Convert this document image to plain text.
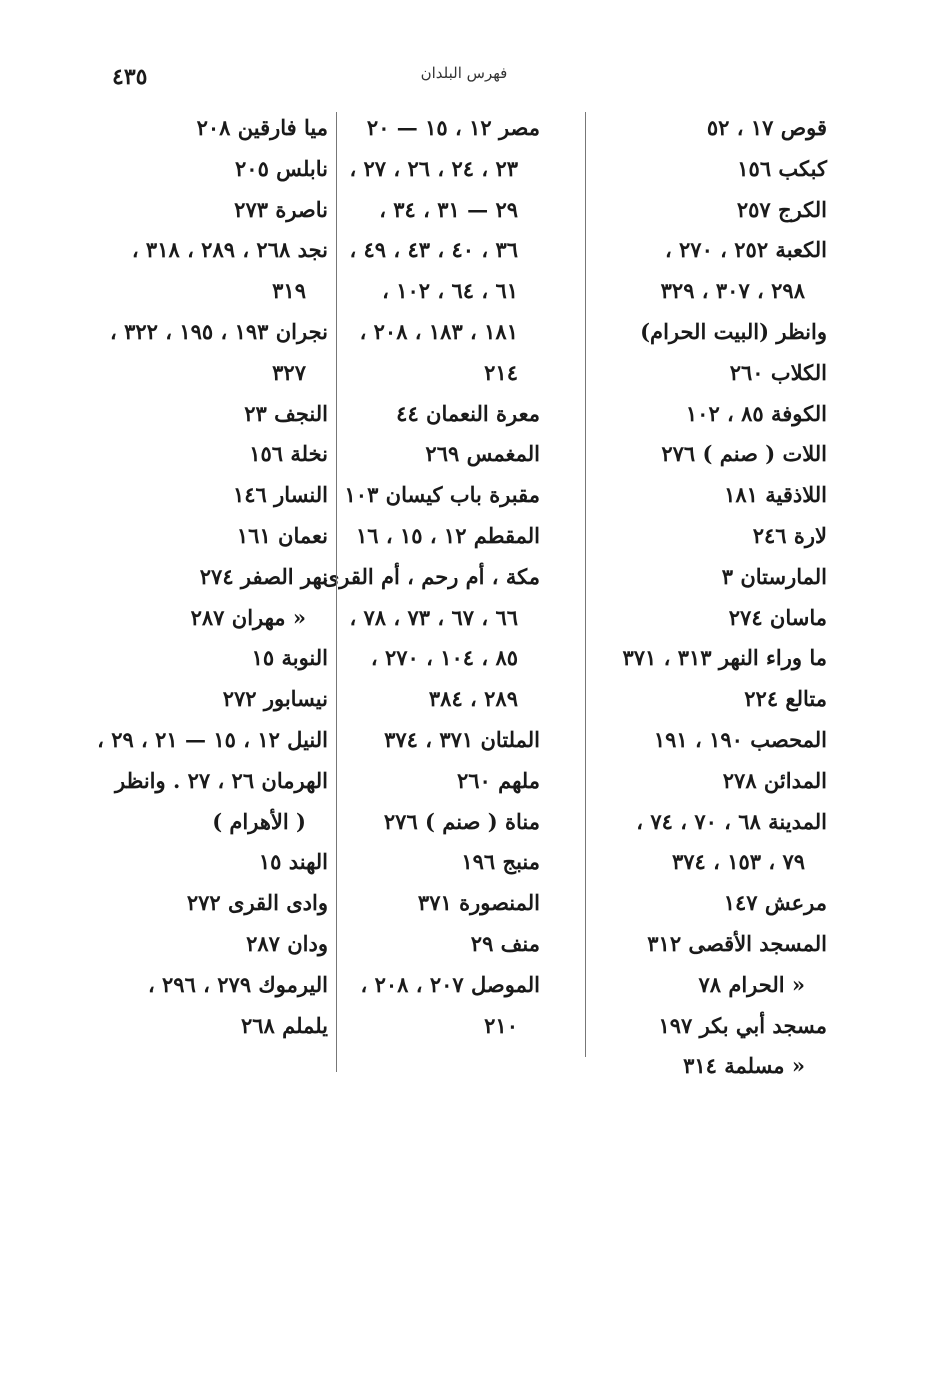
٤٣٥	فهرس البلدان
قوص ١٧ ، ٥٢
كبكب ١٥٦
الكرج ٢٥٧
الكعبة ٢٥٢ ، ٢٧٠ ،
٢٩٨ ، ٣٠٧ ، ٣٢٩
وانظر (البيت الحرام)
الكلاب ٢٦٠
الكوفة ٨٥ ، ١٠٢
اللات ( صنم ) ٢٧٦
اللاذقية ١٨١
لارة ٢٤٦
المارستان ٣
ماسان ٢٧٤
ما وراء النهر ٣١٣ ، ٣٧١
متالع ٢٢٤
المحصب ١٩٠ ، ١٩١
المدائن ٢٧٨
المدينة ٦٨ ، ٧٠ ، ٧٤ ،
٧٩ ، ١٥٣ ، ٣٧٤
مرعش ١٤٧
المسجد الأقصى ٣١٢
« الحرام ٧٨
مسجد أبي بكر ١٩٧
« مسلمة ٣١٤
مصر ١٢ ، ١٥ — ٢٠
٢٣ ، ٢٤ ، ٢٦ ، ٢٧ ،
٢٩ — ٣١ ، ٣٤ ،
٣٦ ، ٤٠ ، ٤٣ ، ٤٩ ،
٦١ ، ٦٤ ، ١٠٢ ،
١٨١ ، ١٨٣ ، ٢٠٨ ،
٢١٤
معرة النعمان ٤٤
المغمس ٢٦٩
مقبرة باب كيسان ١٠٣
المقطم ١٢ ، ١٥ ، ١٦
مكة ، أم رحم ، أم القرى
٦٦ ، ٦٧ ، ٧٣ ، ٧٨ ،
٨٥ ، ١٠٤ ، ٢٧٠ ،
٢٨٩ ، ٣٨٤
الملتان ٣٧١ ، ٣٧٤
ملهم ٢٦٠
مناة ( صنم ) ٢٧٦
منبج ١٩٦
المنصورة ٣٧١
منف ٢٩
الموصل ٢٠٧ ، ٢٠٨ ،
٢١٠
ميا فارقين ٢٠٨
نابلس ٢٠٥
ناصرة ٢٧٣
نجد ٢٦٨ ، ٢٨٩ ، ٣١٨ ،
٣١٩
نجران ١٩٣ ، ١٩٥ ، ٣٢٢ ،
٣٢٧
النجف ٢٣
نخلة ١٥٦
النسار ١٤٦
نعمان ١٦١
نهر الصفر ٢٧٤
« مهران ٢٨٧
النوبة ١٥
نيسابور ٢٧٢
النيل ١٢ ، ١٥ — ٢١ ، ٢٩ ،
الهرمان ٢٦ ، ٢٧ . وانظر
( الأهرام )
الهند ١٥
وادى القرى ٢٧٢
ودان ٢٨٧
اليرموك ٢٧٩ ، ٢٩٦ ،
يلملم ٢٦٨
